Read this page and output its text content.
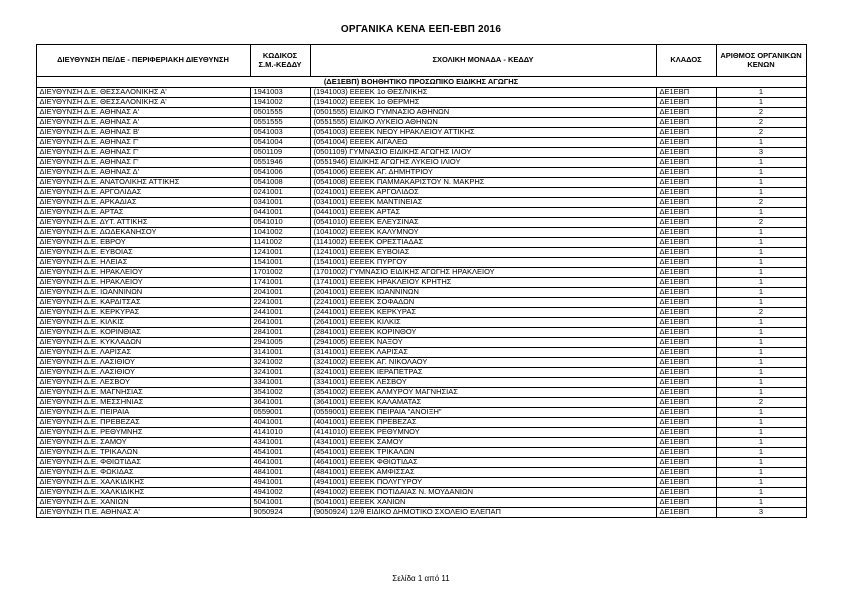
ΟΡΓΑΝΙΚΑ ΚΕΝΑ ΕΕΠ-ΕΒΠ 2016
ΔΙΕΥΘΥΝΣΗ ΠΕ/ΔΕ - ΠΕΡΙΦΕΡΙΑΚΗ ΔΙΕΥΘΥΝΣΗ	ΚΩΔΙΚΟΣ Σ.Μ.-ΚΕΔΔΥ	ΣΧΟΛΙΚΗ ΜΟΝΑΔΑ - ΚΕΔΔΥ	ΚΛΑΔΟΣ	ΑΡΙΘΜΟΣ ΟΡΓΑΝΙΚΩΝ ΚΕΝΩΝ
(ΔΕ1ΕΒΠ) ΒΟΗΘΗΤΙΚΟ ΠΡΟΣΩΠΙΚΟ ΕΙΔΙΚΗΣ ΑΓΩΓΗΣ				
ΔΙΕΥΘΥΝΣΗ Δ.Ε. ΘΕΣΣΑΛΟΝΙΚΗΣ Α'	1941003	(1941003) ΕΕΕΕΚ 1ο ΘΕΣ/ΝΙΚΗΣ	ΔΕ1ΕΒΠ	1
ΔΙΕΥΘΥΝΣΗ Δ.Ε. ΘΕΣΣΑΛΟΝΙΚΗΣ Α'	1941002	(1941002) ΕΕΕΕΚ 1ο ΘΕΡΜΗΣ	ΔΕ1ΕΒΠ	1
ΔΙΕΥΘΥΝΣΗ Δ.Ε. ΑΘΗΝΑΣ Α'	0501555	(0501555) ΕΙΔΙΚΟ ΓΥΜΝΑΣΙΟ ΑΘΗΝΩΝ	ΔΕ1ΕΒΠ	2
ΔΙΕΥΘΥΝΣΗ Δ.Ε. ΑΘΗΝΑΣ Α'	0551555	(0551555) ΕΙΔΙΚΟ ΛΥΚΕΙΟ ΑΘΗΝΩΝ	ΔΕ1ΕΒΠ	2
ΔΙΕΥΘΥΝΣΗ Δ.Ε. ΑΘΗΝΑΣ Β'	0541003	(0541003) ΕΕΕΕΚ ΝΕΟΥ ΗΡΑΚΛΕΙΟΥ ΑΤΤΙΚΗΣ	ΔΕ1ΕΒΠ	2
ΔΙΕΥΘΥΝΣΗ Δ.Ε. ΑΘΗΝΑΣ Γ'	0541004	(0541004) ΕΕΕΕΚ ΑΙΓΑΛΕΩ	ΔΕ1ΕΒΠ	1
ΔΙΕΥΘΥΝΣΗ Δ.Ε. ΑΘΗΝΑΣ Γ'	0501109	(0501109) ΓΥΜΝΑΣΙΟ ΕΙΔΙΚΗΣ ΑΓΩΓΗΣ ΙΛΙΟΥ	ΔΕ1ΕΒΠ	3
ΔΙΕΥΘΥΝΣΗ Δ.Ε. ΑΘΗΝΑΣ Γ'	0551946	(0551946) ΕΙΔΙΚΗΣ ΑΓΩΓΗΣ ΛΥΚΕΙΟ ΙΛΙΟΥ	ΔΕ1ΕΒΠ	1
ΔΙΕΥΘΥΝΣΗ Δ.Ε. ΑΘΗΝΑΣ Δ'	0541006	(0541006) ΕΕΕΕΚ ΑΓ. ΔΗΜΗΤΡΙΟΥ	ΔΕ1ΕΒΠ	1
ΔΙΕΥΘΥΝΣΗ Δ.Ε. ΑΝΑΤΟΛΙΚΗΣ ΑΤΤΙΚΗΣ	0541008	(0541008) ΕΕΕΕΚ ΠΑΜΜΑΚΑΡΙΣΤΟΥ Ν. ΜΑΚΡΗΣ	ΔΕ1ΕΒΠ	1
ΔΙΕΥΘΥΝΣΗ Δ.Ε. ΑΡΓΟΛΙΔΑΣ	0241001	(0241001) ΕΕΕΕΚ ΑΡΓΟΛΙΔΟΣ	ΔΕ1ΕΒΠ	1
ΔΙΕΥΘΥΝΣΗ Δ.Ε. ΑΡΚΑΔΙΑΣ	0341001	(0341001) ΕΕΕΕΚ ΜΑΝΤΙΝΕΙΑΣ	ΔΕ1ΕΒΠ	2
ΔΙΕΥΘΥΝΣΗ Δ.Ε. ΑΡΤΑΣ	0441001	(0441001) ΕΕΕΕΚ ΑΡΤΑΣ	ΔΕ1ΕΒΠ	1
ΔΙΕΥΘΥΝΣΗ Δ.Ε. ΔΥΤ. ΑΤΤΙΚΗΣ	0541010	(0541010) ΕΕΕΕΚ ΕΛΕΥΣΙΝΑΣ	ΔΕ1ΕΒΠ	2
ΔΙΕΥΘΥΝΣΗ Δ.Ε. ΔΩΔΕΚΑΝΗΣΟΥ	1041002	(1041002) ΕΕΕΕΚ ΚΑΛΥΜΝΟΥ	ΔΕ1ΕΒΠ	1
ΔΙΕΥΘΥΝΣΗ Δ.Ε. ΕΒΡΟΥ	1141002	(1141002) ΕΕΕΕΚ ΟΡΕΣΤΙΑΔΑΣ	ΔΕ1ΕΒΠ	1
ΔΙΕΥΘΥΝΣΗ Δ.Ε. ΕΥΒΟΙΑΣ	1241001	(1241001) ΕΕΕΕΚ ΕΥΒΟΙΑΣ	ΔΕ1ΕΒΠ	1
ΔΙΕΥΘΥΝΣΗ Δ.Ε. ΗΛΕΙΑΣ	1541001	(1541001) ΕΕΕΕΚ ΠΥΡΓΟΥ	ΔΕ1ΕΒΠ	1
ΔΙΕΥΘΥΝΣΗ Δ.Ε. ΗΡΑΚΛΕΙΟΥ	1701002	(1701002) ΓΥΜΝΑΣΙΟ ΕΙΔΙΚΗΣ ΑΓΩΓΗΣ ΗΡΑΚΛΕΙΟΥ	ΔΕ1ΕΒΠ	1
ΔΙΕΥΘΥΝΣΗ Δ.Ε. ΗΡΑΚΛΕΙΟΥ	1741001	(1741001) ΕΕΕΕΚ ΗΡΑΚΛΕΙΟΥ ΚΡΗΤΗΣ	ΔΕ1ΕΒΠ	1
ΔΙΕΥΘΥΝΣΗ Δ.Ε. ΙΩΑΝΝΙΝΩΝ	2041001	(2041001) ΕΕΕΕΚ ΙΩΑΝΝΙΝΩΝ	ΔΕ1ΕΒΠ	1
ΔΙΕΥΘΥΝΣΗ Δ.Ε. ΚΑΡΔΙΤΣΑΣ	2241001	(2241001) ΕΕΕΕΚ ΣΟΦΑΔΩΝ	ΔΕ1ΕΒΠ	1
ΔΙΕΥΘΥΝΣΗ Δ.Ε. ΚΕΡΚΥΡΑΣ	2441001	(2441001) ΕΕΕΕΚ ΚΕΡΚΥΡΑΣ	ΔΕ1ΕΒΠ	2
ΔΙΕΥΘΥΝΣΗ Δ.Ε. ΚΙΛΚΙΣ	2641001	(2641001) ΕΕΕΕΚ ΚΙΛΚΙΣ	ΔΕ1ΕΒΠ	1
ΔΙΕΥΘΥΝΣΗ Δ.Ε. ΚΟΡΙΝΘΙΑΣ	2841001	(2841001) ΕΕΕΕΚ ΚΟΡΙΝΘΟΥ	ΔΕ1ΕΒΠ	1
ΔΙΕΥΘΥΝΣΗ Δ.Ε. ΚΥΚΛΑΔΩΝ	2941005	(2941005) ΕΕΕΕΚ ΝΑΞΟΥ	ΔΕ1ΕΒΠ	1
ΔΙΕΥΘΥΝΣΗ Δ.Ε. ΛΑΡΙΣΑΣ	3141001	(3141001) ΕΕΕΕΚ ΛΑΡΙΣΑΣ	ΔΕ1ΕΒΠ	1
ΔΙΕΥΘΥΝΣΗ Δ.Ε. ΛΑΣΙΘΙΟΥ	3241002	(3241002) ΕΕΕΕΚ ΑΓ. ΝΙΚΟΛΑΟΥ	ΔΕ1ΕΒΠ	1
ΔΙΕΥΘΥΝΣΗ Δ.Ε. ΛΑΣΙΘΙΟΥ	3241001	(3241001) ΕΕΕΕΚ ΙΕΡΑΠΕΤΡΑΣ	ΔΕ1ΕΒΠ	1
ΔΙΕΥΘΥΝΣΗ Δ.Ε. ΛΕΣΒΟΥ	3341001	(3341001) ΕΕΕΕΚ ΛΕΣΒΟΥ	ΔΕ1ΕΒΠ	1
ΔΙΕΥΘΥΝΣΗ Δ.Ε. ΜΑΓΝΗΣΙΑΣ	3541002	(3541002) ΕΕΕΕΚ ΑΛΜΥΡΟΥ ΜΑΓΝΗΣΙΑΣ	ΔΕ1ΕΒΠ	1
ΔΙΕΥΘΥΝΣΗ Δ.Ε. ΜΕΣΣΗΝΙΑΣ	3641001	(3641001) ΕΕΕΕΚ ΚΑΛΑΜΑΤΑΣ	ΔΕ1ΕΒΠ	2
ΔΙΕΥΘΥΝΣΗ Δ.Ε. ΠΕΙΡΑΙΑ	0559001	(0559001) ΕΕΕΕΚ ΠΕΙΡΑΙΑ "ΑΝΟΙΞΗ"	ΔΕ1ΕΒΠ	1
ΔΙΕΥΘΥΝΣΗ Δ.Ε. ΠΡΕΒΕΖΑΣ	4041001	(4041001) ΕΕΕΕΚ ΠΡΕΒΕΖΑΣ	ΔΕ1ΕΒΠ	1
ΔΙΕΥΘΥΝΣΗ Δ.Ε. ΡΕΘΥΜΝΗΣ	4141010	(4141010) ΕΕΕΕΚ ΡΕΘΥΜΝΟΥ	ΔΕ1ΕΒΠ	1
ΔΙΕΥΘΥΝΣΗ Δ.Ε. ΣΑΜΟΥ	4341001	(4341001) ΕΕΕΕΚ ΣΑΜΟΥ	ΔΕ1ΕΒΠ	1
ΔΙΕΥΘΥΝΣΗ Δ.Ε. ΤΡΙΚΑΛΩΝ	4541001	(4541001) ΕΕΕΕΚ ΤΡΙΚΑΛΩΝ	ΔΕ1ΕΒΠ	1
ΔΙΕΥΘΥΝΣΗ Δ.Ε. ΦΘΙΩΤΙΔΑΣ	4641001	(4641001) ΕΕΕΕΚ ΦΘΙΩΤΙΔΑΣ	ΔΕ1ΕΒΠ	1
ΔΙΕΥΘΥΝΣΗ Δ.Ε. ΦΩΚΙΔΑΣ	4841001	(4841001) ΕΕΕΕΚ ΑΜΦΙΣΣΑΣ	ΔΕ1ΕΒΠ	1
ΔΙΕΥΘΥΝΣΗ Δ.Ε. ΧΑΛΚΙΔΙΚΗΣ	4941001	(4941001) ΕΕΕΕΚ ΠΟΛΥΓΥΡΟΥ	ΔΕ1ΕΒΠ	1
ΔΙΕΥΘΥΝΣΗ Δ.Ε. ΧΑΛΚΙΔΙΚΗΣ	4941002	(4941002) ΕΕΕΕΚ ΠΟΤΙΔΑΙΑΣ Ν. ΜΟΥΔΑΝΙΩΝ	ΔΕ1ΕΒΠ	1
ΔΙΕΥΘΥΝΣΗ Δ.Ε. ΧΑΝΙΩΝ	5041001	(5041001) ΕΕΕΕΚ ΧΑΝΙΩΝ	ΔΕ1ΕΒΠ	1
ΔΙΕΥΘΥΝΣΗ Π.Ε. ΑΘΗΝΑΣ Α'	9050924	(9050924) 12/θ ΕΙΔΙΚΟ ΔΗΜΟΤΙΚΟ ΣΧΟΛΕΙΟ ΕΛΕΠΑΠ	ΔΕ1ΕΒΠ	3
Σελίδα 1 από 11
